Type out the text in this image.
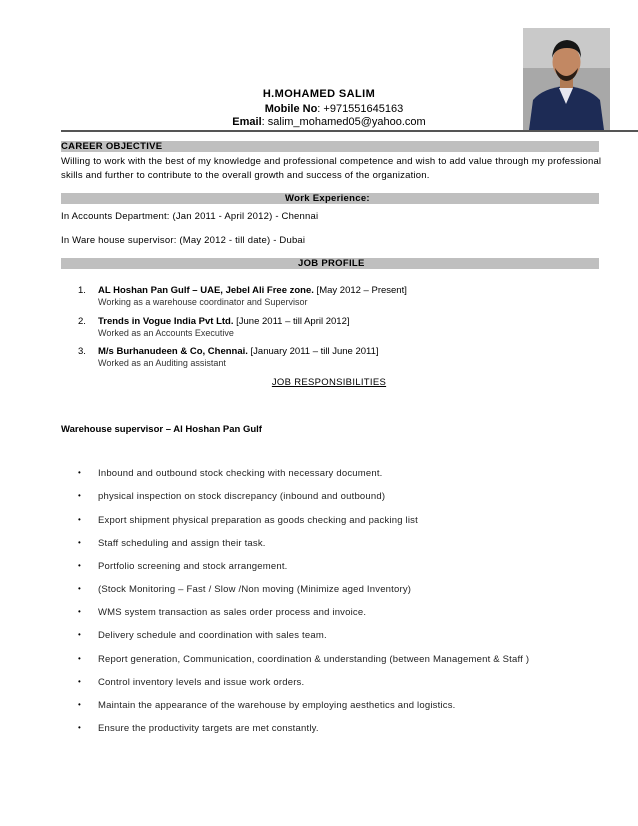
H.MOHAMED SALIM
Mobile No: +971551645163
Email: salim_mohamed05@yahoo.com
CAREER OBJECTIVE
Willing to work with the best of my knowledge and professional competence and wish to add value through my professional
skills and further to contribute to the overall growth and success of the organization.
Work Experience:
In Accounts Department: (Jan 2011 - April 2012) - Chennai
In Ware house supervisor: (May 2012 - till date) - Dubai
JOB PROFILE
1. AL Hoshan Pan Gulf – UAE, Jebel Ali Free zone. [May 2012 – Present]
Working as a warehouse coordinator and Supervisor
2. Trends in Vogue India Pvt Ltd. [June 2011 – till April 2012]
Worked as an Accounts Executive
3. M/s Burhanudeen & Co, Chennai. [January 2011 – till June 2011]
Worked as an Auditing assistant
JOB RESPONSIBILITIES
Warehouse supervisor – Al Hoshan Pan Gulf
• Inbound and outbound stock checking with necessary document.
• physical inspection on stock discrepancy (inbound and outbound)
• Export shipment physical preparation as goods checking and packing list
• Staff scheduling and assign their task.
• Portfolio screening and stock arrangement.
• (Stock Monitoring – Fast / Slow /Non moving (Minimize aged Inventory)
• WMS system transaction as sales order process and invoice.
• Delivery schedule and coordination with sales team.
• Report generation, Communication, coordination & understanding (between Management & Staff )
• Control inventory levels and issue work orders.
• Maintain the appearance of the warehouse by employing aesthetics and logistics.
• Ensure the productivity targets are met constantly.
